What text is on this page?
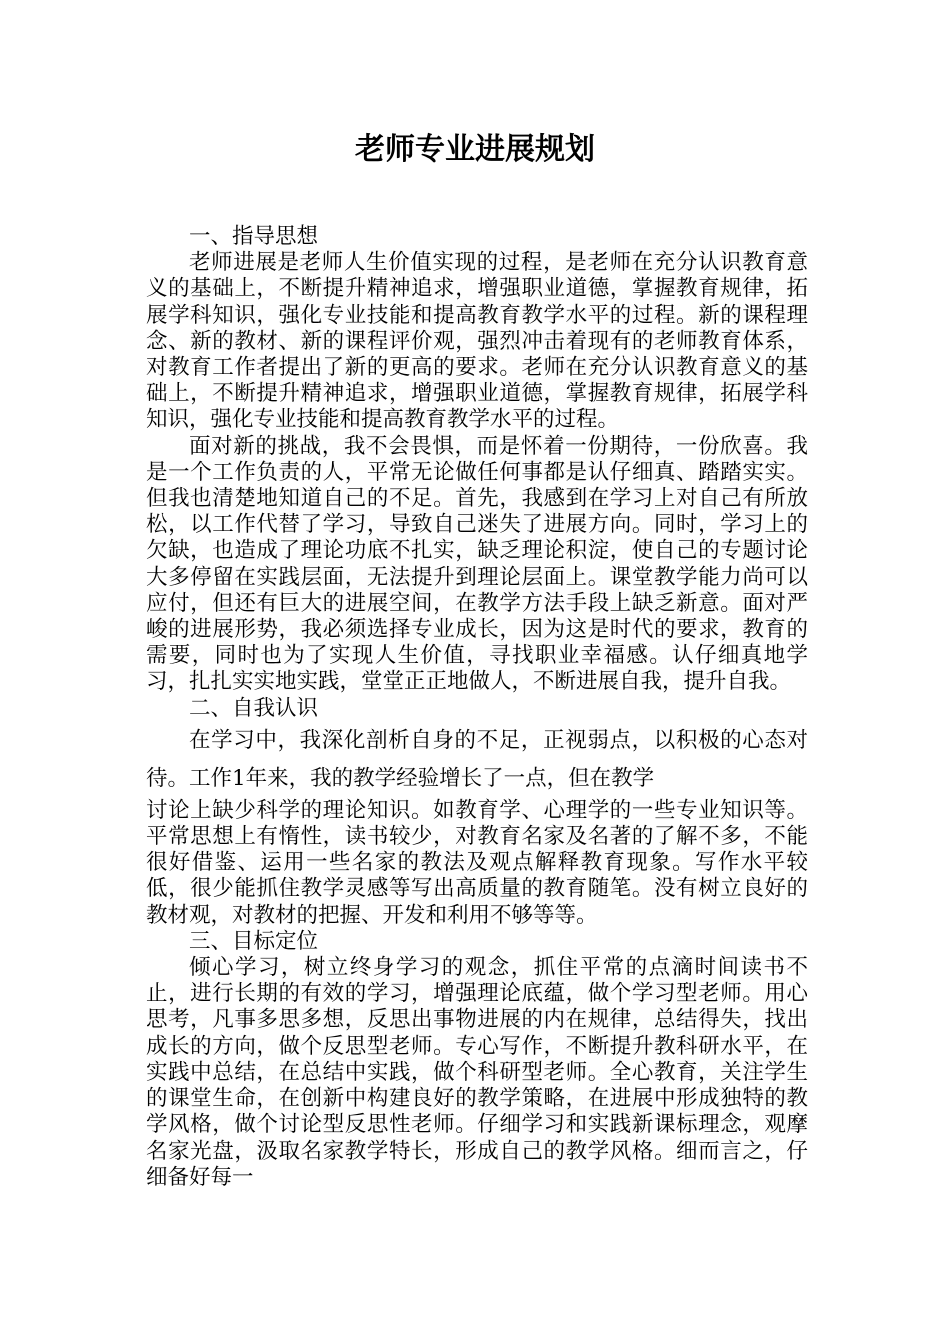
老师专业进展规划

一、指导思想

老师进展是老师人生价值实现的过程，是老师在充分认识教育意义的基础上，不断提升精神追求，增强职业道德，掌握教育规律，拓展学科知识，强化专业技能和提高教育教学水平的过程。新的课程理念、新的教材、新的课程评价观，强烈冲击着现有的老师教育体系，对教育工作者提出了新的更高的要求。老师在充分认识教育意义的基础上，不断提升精神追求，增强职业道德，掌握教育规律，拓展学科知识，强化专业技能和提高教育教学水平的过程。

面对新的挑战，我不会畏惧，而是怀着一份期待，一份欣喜。我是一个工作负责的人，平常无论做任何事都是认仔细真、踏踏实实。但我也清楚地知道自己的不足。首先，我感到在学习上对自己有所放松，以工作代替了学习，导致自己迷失了进展方向。同时，学习上的欠缺，也造成了理论功底不扎实，缺乏理论积淀，使自己的专题讨论大多停留在实践层面，无法提升到理论层面上。课堂教学能力尚可以应付，但还有巨大的进展空间，在教学方法手段上缺乏新意。面对严峻的进展形势，我必须选择专业成长，因为这是时代的要求，教育的需要，同时也为了实现人生价值，寻找职业幸福感。认仔细真地学习，扎扎实实地实践，堂堂正正地做人，不断进展自我，提升自我。

二、自我认识

在学习中，我深化剖析自身的不足，正视弱点，以积极的心态对待。工作1年来，我的教学经验增长了一点，但在教学

讨论上缺少科学的理论知识。如教育学、心理学的一些专业知识等。平常思想上有惰性，读书较少，对教育名家及名著的了解不多，不能很好借鉴、运用一些名家的教法及观点解释教育现象。写作水平较低，很少能抓住教学灵感等写出高质量的教育随笔。没有树立良好的教材观，对教材的把握、开发和利用不够等等。

三、目标定位

倾心学习，树立终身学习的观念，抓住平常的点滴时间读书不止，进行长期的有效的学习，增强理论底蕴，做个学习型老师。用心思考，凡事多思多想，反思出事物进展的内在规律，总结得失，找出成长的方向，做个反思型老师。专心写作，不断提升教科研水平，在实践中总结，在总结中实践，做个科研型老师。全心教育，关注学生的课堂生命，在创新中构建良好的教学策略，在进展中形成独特的教学风格，做个讨论型反思性老师。仔细学习和实践新课标理念，观摩名家光盘，汲取名家教学特长，形成自己的教学风格。细而言之，仔细备好每一
